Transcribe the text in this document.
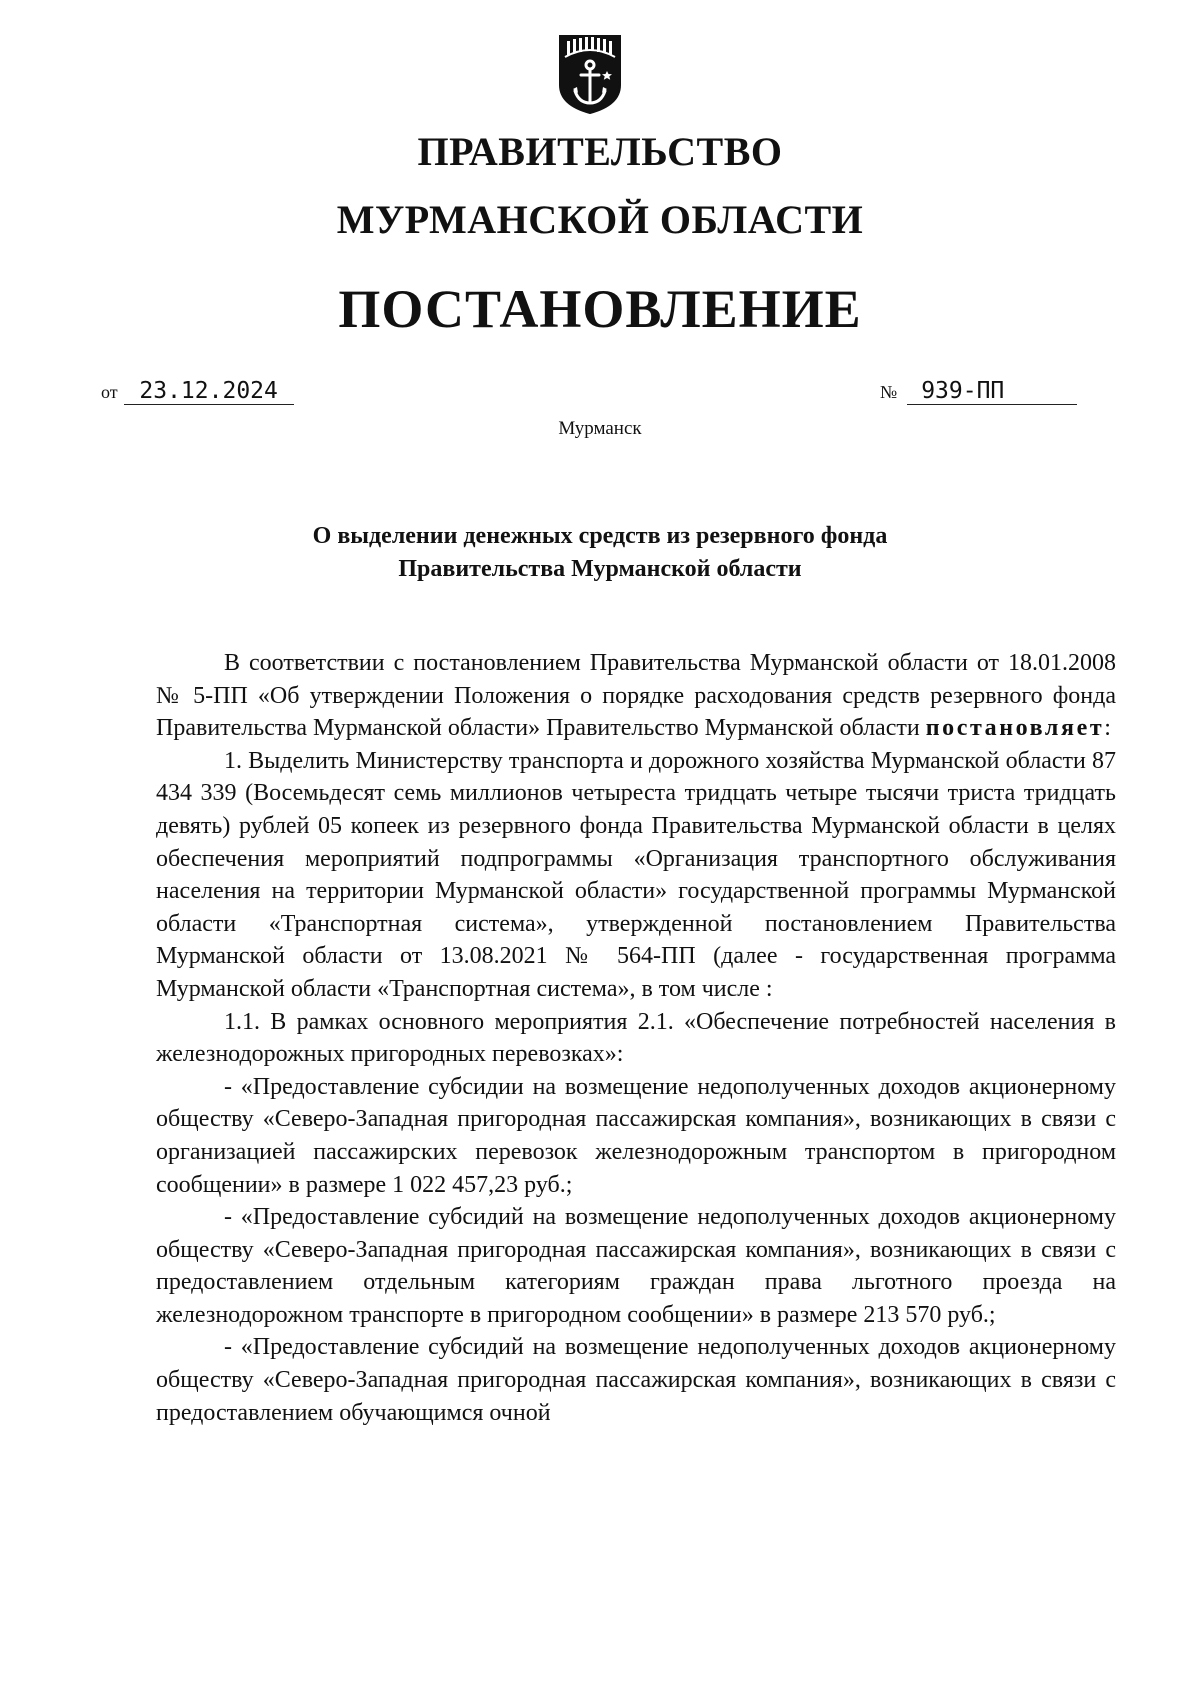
ПРАВИТЕЛЬСТВО
МУРМАНСКОЙ ОБЛАСТИ
ПОСТАНОВЛЕНИЕ
от 23.12.2024	№ 939-ПП
Мурманск
О выделении денежных средств из резервного фонда
Правительства Мурманской области

В соответствии с постановлением Правительства Мурманской области от 18.01.2008 № 5-ПП «Об утверждении Положения о порядке расходования средств резервного фонда Правительства Мурманской области» Правительство Мурманской области постановляет:

1. Выделить Министерству транспорта и дорожного хозяйства Мурманской области 87 434 339 (Восемьдесят семь миллионов четыреста тридцать четыре тысячи триста тридцать девять) рублей 05 копеек из резервного фонда Правительства Мурманской области в целях обеспечения мероприятий подпрограммы «Организация транспортного обслуживания населения на территории Мурманской области» государственной программы Мурманской области «Транспортная система», утвержденной постановлением Правительства Мурманской области от 13.08.2021 № 564-ПП (далее - государственная программа Мурманской области «Транспортная система», в том числе :

1.1. В рамках основного мероприятия 2.1. «Обеспечение потребностей населения в железнодорожных пригородных перевозках»:

- «Предоставление субсидии на возмещение недополученных доходов акционерному обществу «Северо-Западная пригородная пассажирская компания», возникающих в связи с организацией пассажирских перевозок железнодорожным транспортом в пригородном сообщении» в размере 1 022 457,23 руб.;

- «Предоставление субсидий на возмещение недополученных доходов акционерному обществу «Северо-Западная пригородная пассажирская компания», возникающих в связи с предоставлением отдельным категориям граждан права льготного проезда на железнодорожном транспорте в пригородном сообщении» в размере 213 570 руб.;

- «Предоставление субсидий на возмещение недополученных доходов акционерному обществу «Северо-Западная пригородная пассажирская компания», возникающих в связи с предоставлением обучающимся очной
